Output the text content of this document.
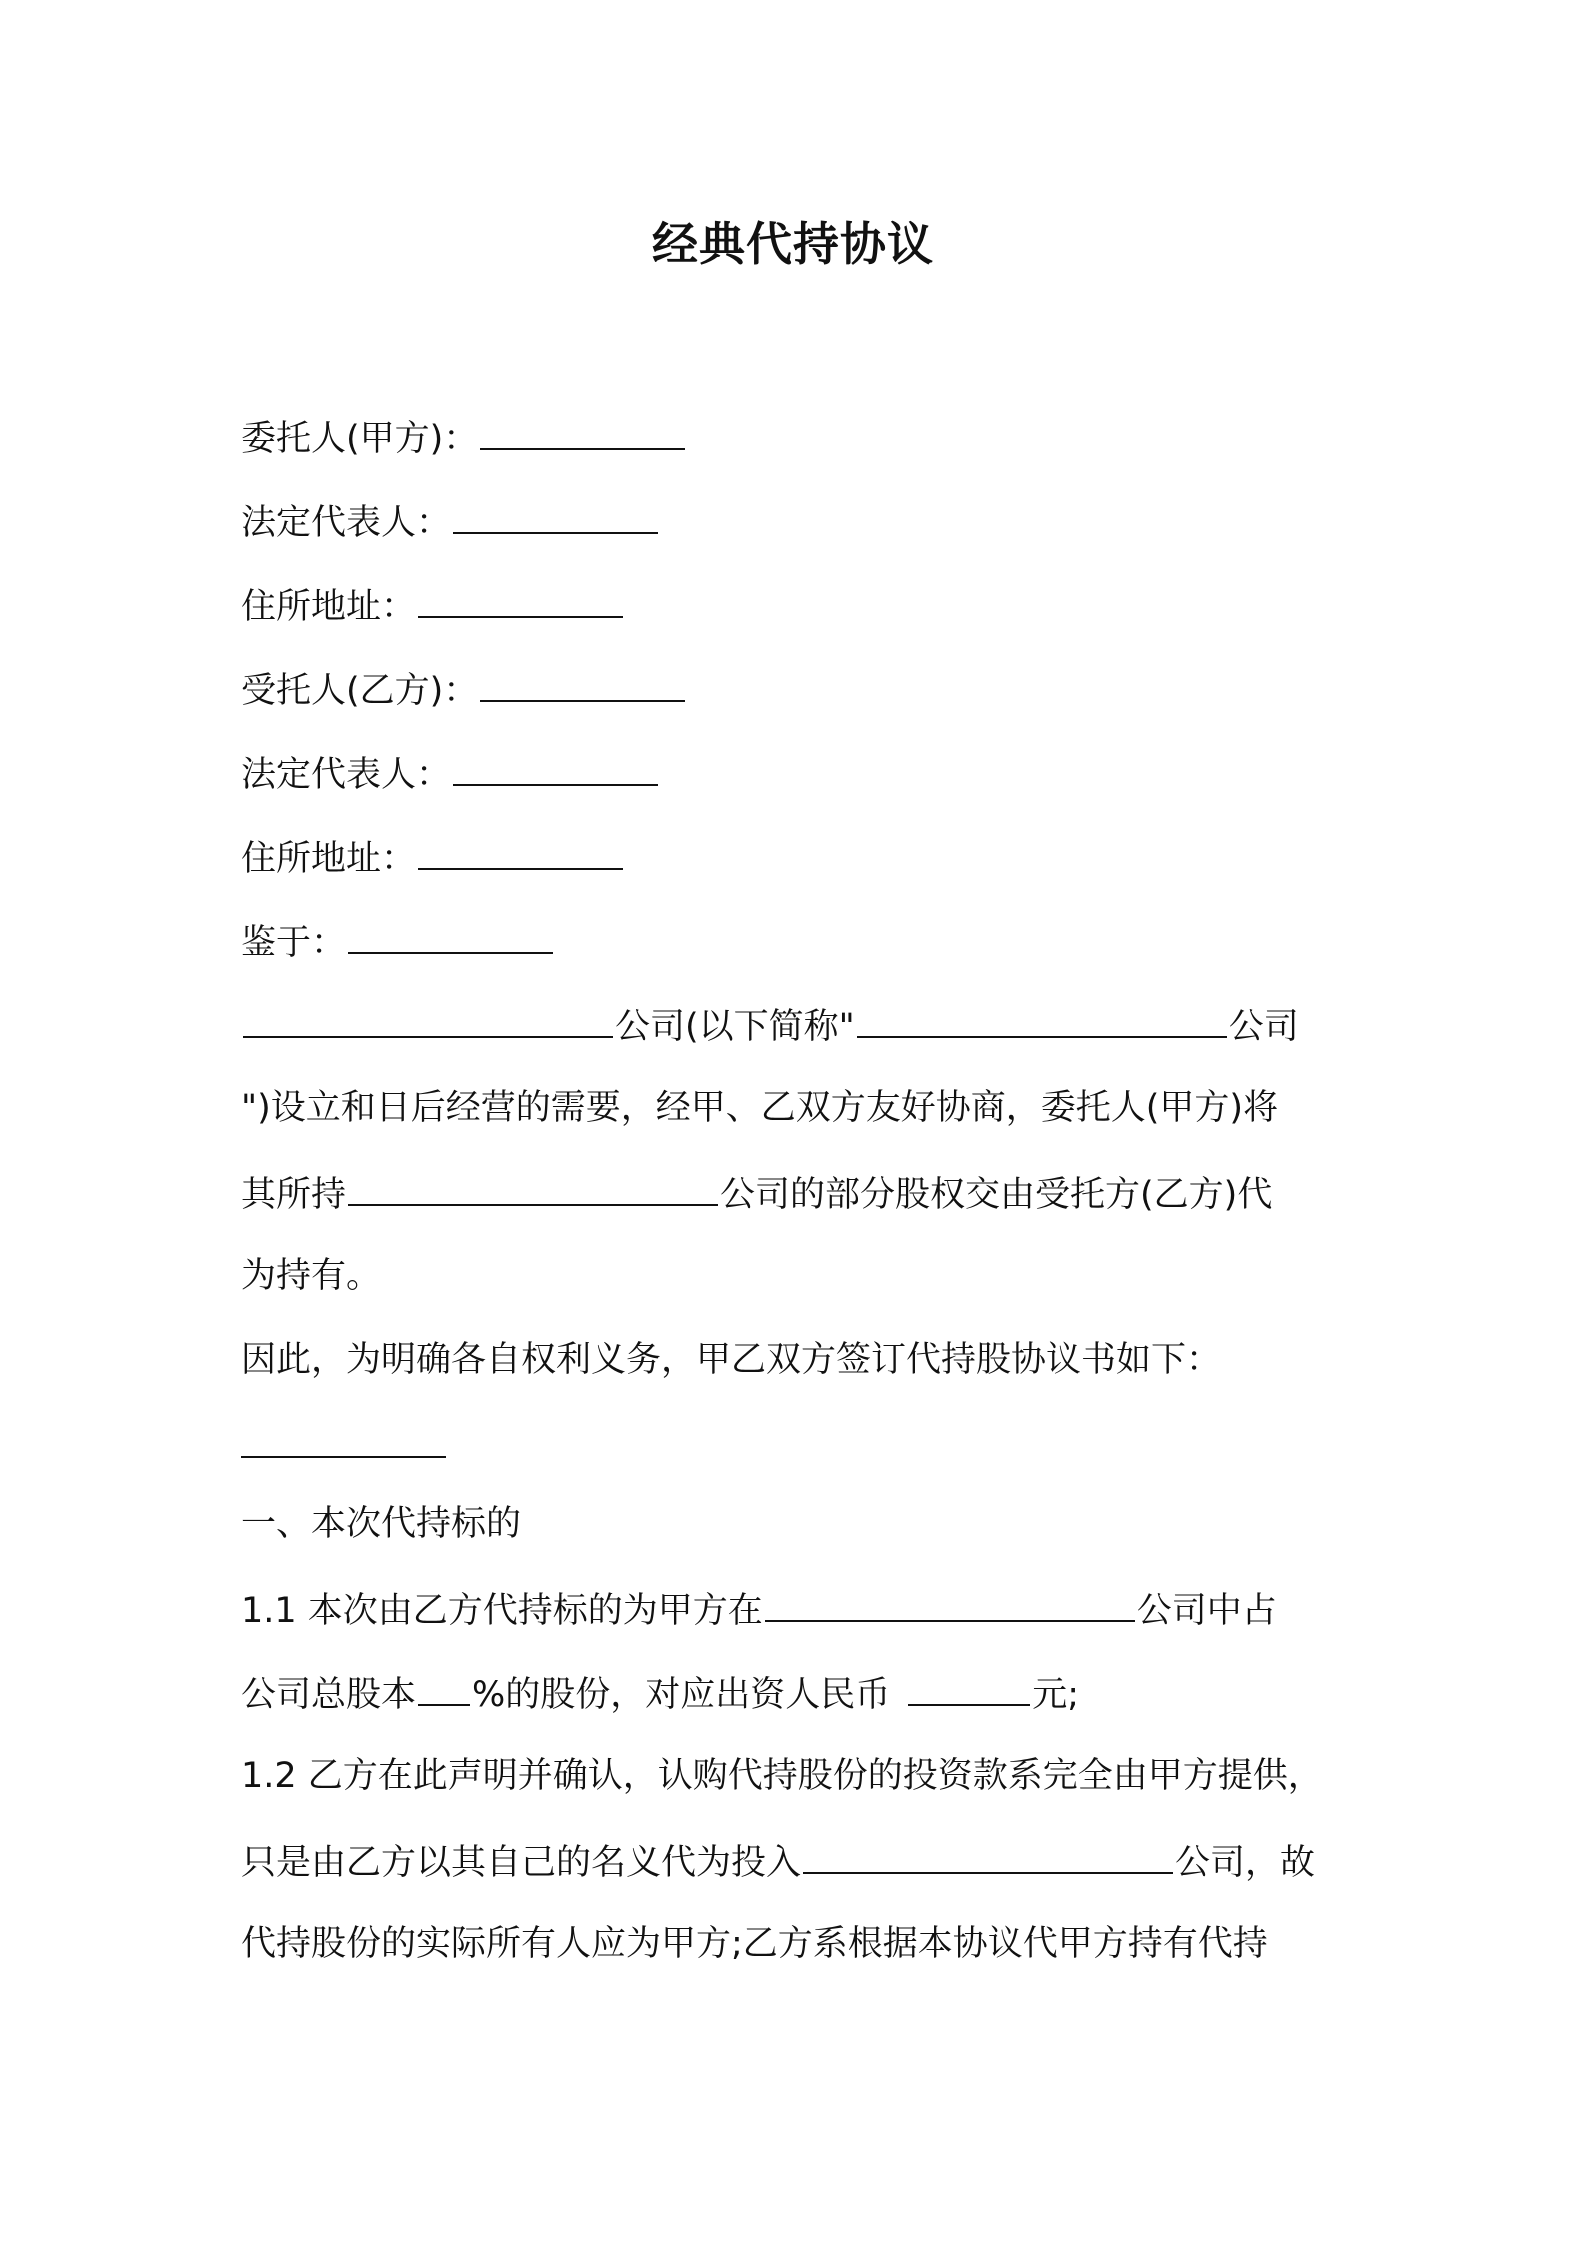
经典代持协议
委托人(甲方)：
法定代表人：
住所地址：
受托人(乙方)：
法定代表人：
住所地址：
鉴于：
公司(以下简称"	公司
")设立和日后经营的需要，经甲、乙双方友好协商，委托人(甲方)将
其所持	公司的部分股权交由受托方(乙方)代
为持有。
因此，为明确各自权利义务，甲乙双方签订代持股协议书如下：
一、本次代持标的
1.1 本次由乙方代持标的为甲方在	公司中占
公司总股本 %的股份，对应出资人民币	元;
1.2 乙方在此声明并确认，认购代持股份的投资款系完全由甲方提供，
只是由乙方以其自己的名义代为投入	公司，故
代持股份的实际所有人应为甲方;乙方系根据本协议代甲方持有代持
